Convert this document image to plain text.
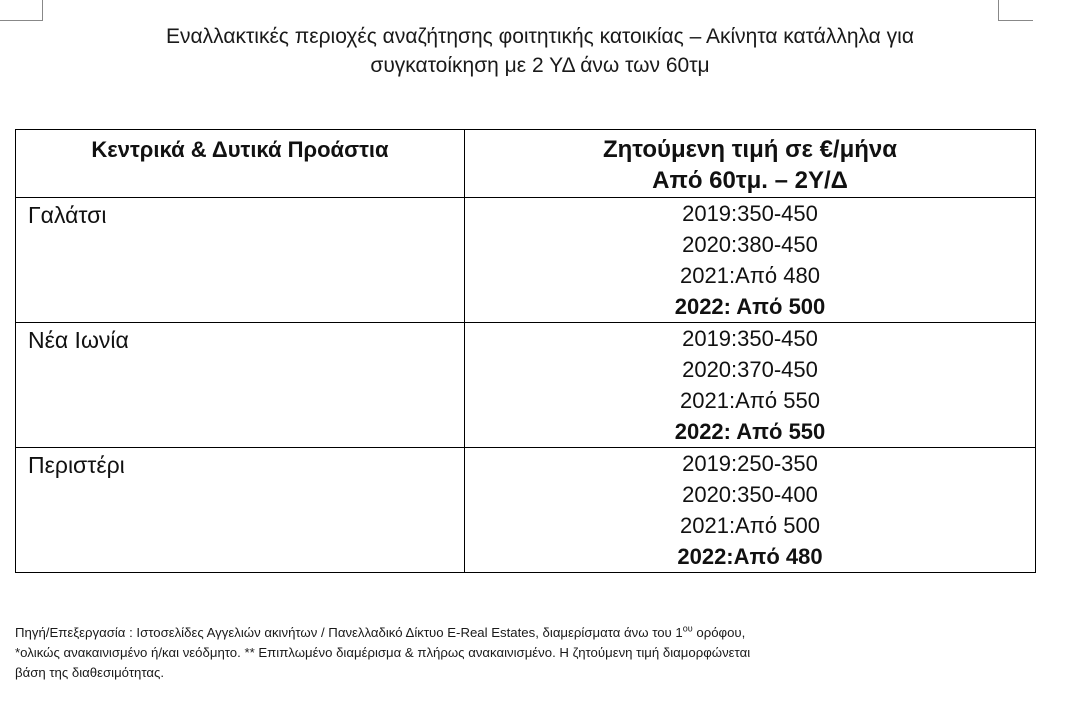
Εναλλακτικές περιοχές αναζήτησης φοιτητικής κατοικίας – Ακίνητα κατάλληλα για
συγκατοίκηση με 2 ΥΔ άνω των 60τμ
Κεντρικά & Δυτικά Προάστια	Ζητούμενη τιμή σε €/μήνα
Από 60τμ. – 2Υ/Δ

Γαλάτσι	2019:350-450
2020:380-450
2021:Από 480
2022: Από 500

Νέα Ιωνία	2019:350-450
2020:370-450
2021:Από 550
2022: Από 550

Περιστέρι	2019:250-350
2020:350-400
2021:Από 500
2022:Από 480
Πηγή/Επεξεργασία : Ιστοσελίδες Αγγελιών ακινήτων / Πανελλαδικό Δίκτυο E-Real Estates, διαμερίσματα άνω του $1^{o\upsilon}$ ορόφου,
*ολικώς ανακαινισμένο ή/και νεόδμητο. ** Επιπλωμένο διαμέρισμα & πλήρως ανακαινισμένο. Η ζητούμενη τιμή διαμορφώνεται
βάση της διαθεσιμότητας.
